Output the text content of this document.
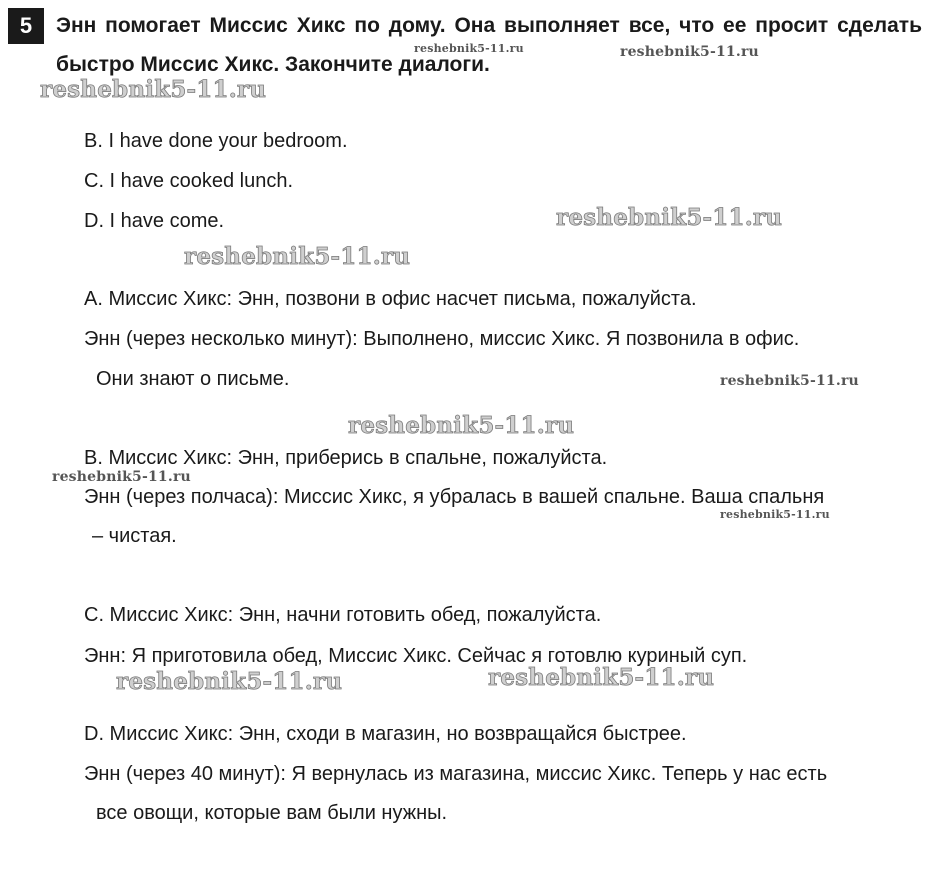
5	Энн помогает Миссис Хикс по дому. Она выполняет все, что ее просит сделать быстро Миссис Хикс. Закончите диалоги.

B. I have done your bedroom.
C. I have cooked lunch.
D. I have come.
А. Миссис Хикс: Энн, позвони в офис насчет письма, пожалуйста.
Энн (через несколько минут): Выполнено, миссис Хикс. Я позвонила в офис.
Они знают о письме.
В. Миссис Хикс: Энн, приберись в спальне, пожалуйста.
Энн (через полчаса): Миссис Хикс, я убралась в вашей спальне. Ваша спальня
– чистая.
С. Миссис Хикс: Энн, начни готовить обед, пожалуйста.
Энн: Я приготовила обед, Миссис Хикс. Сейчас я готовлю куриный суп.
D. Миссис Хикс: Энн, сходи в магазин, но возвращайся быстрее.
Энн (через 40 минут): Я вернулась из магазина, миссис Хикс. Теперь у нас есть
все овощи, которые вам были нужны.
reshebnik5-11.ru	reshebnik5-11.ru
reshebnik5-11.ru
reshebnik5-11.ru
reshebnik5-11.ru
reshebnik5-11.ru
reshebnik5-11.ru
reshebnik5-11.ru
reshebnik5-11.ru
reshebnik5-11.ru	reshebnik5-11.ru
